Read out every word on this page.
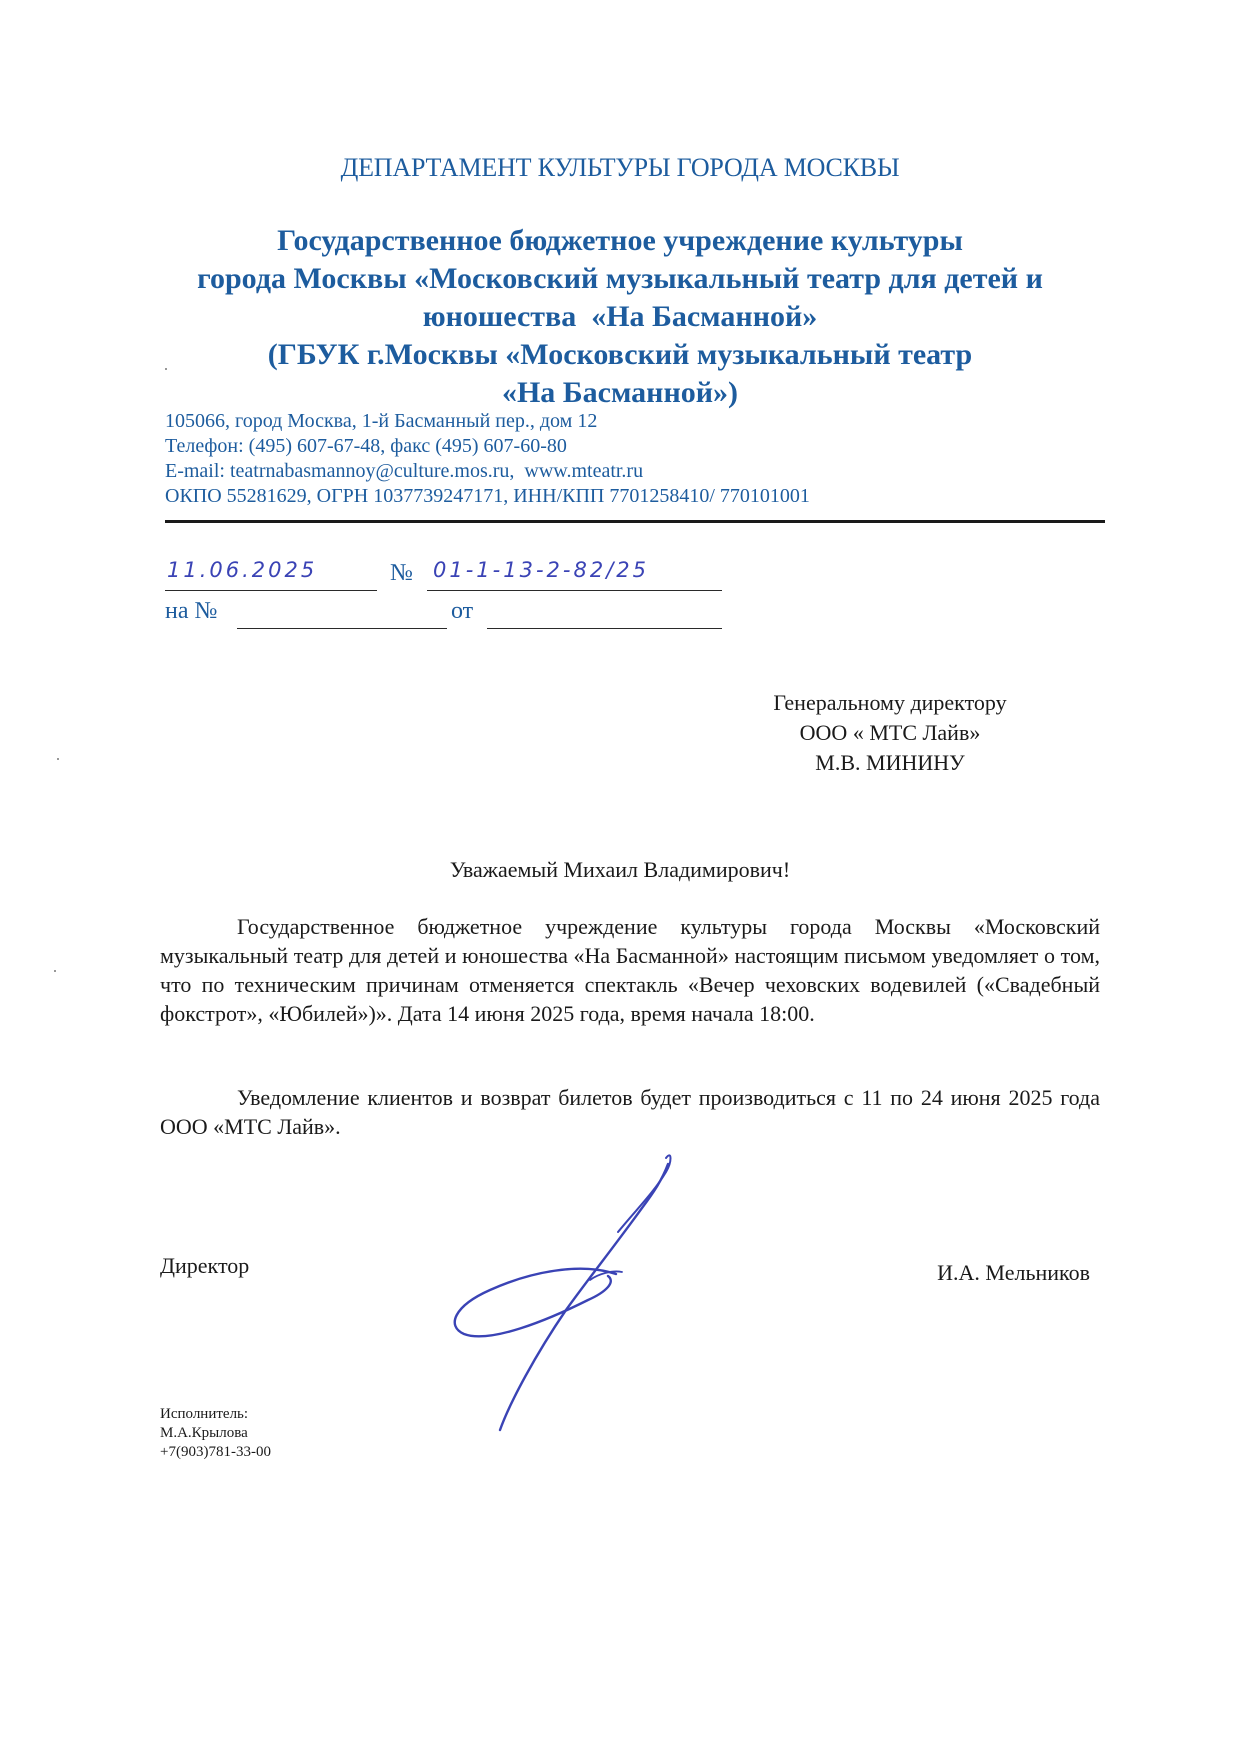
ДЕПАРТАМЕНТ КУЛЬТУРЫ ГОРОДА МОСКВЫ
Государственное бюджетное учреждение культуры
города Москвы «Московский музыкальный театр для детей и
юношества  «На Басманной»
(ГБУК г.Москвы «Московский музыкальный театр
«На Басманной»)
105066, город Москва, 1-й Басманный пер., дом 12
Телефон: (495) 607-67-48, факс (495) 607-60-80
E-mail: teatrnabasmannoy@culture.mos.ru,  www.mteatr.ru
ОКПО 55281629, ОГРН 1037739247171, ИНН/КПП 7701258410/ 770101001
11.06.2025	№ 01-1-13-2-82/25
на №	от
Генеральному директору
ООО « МТС Лайв»
М.В. МИНИНУ
Уважаемый Михаил Владимирович!
Государственное бюджетное учреждение культуры города Москвы «Московский музыкальный театр для детей и юношества «На Басманной» настоящим письмом уведомляет о том, что по техническим причинам отменяется спектакль «Вечер чеховских водевилей («Свадебный фокстрот», «Юбилей»)». Дата 14 июня 2025 года, время начала 18:00.
Уведомление клиентов и возврат билетов будет производиться с 11 по 24 июня 2025 года ООО «МТС Лайв».
Директор	И.А. Мельников
Исполнитель:
М.А.Крылова
+7(903)781-33-00
